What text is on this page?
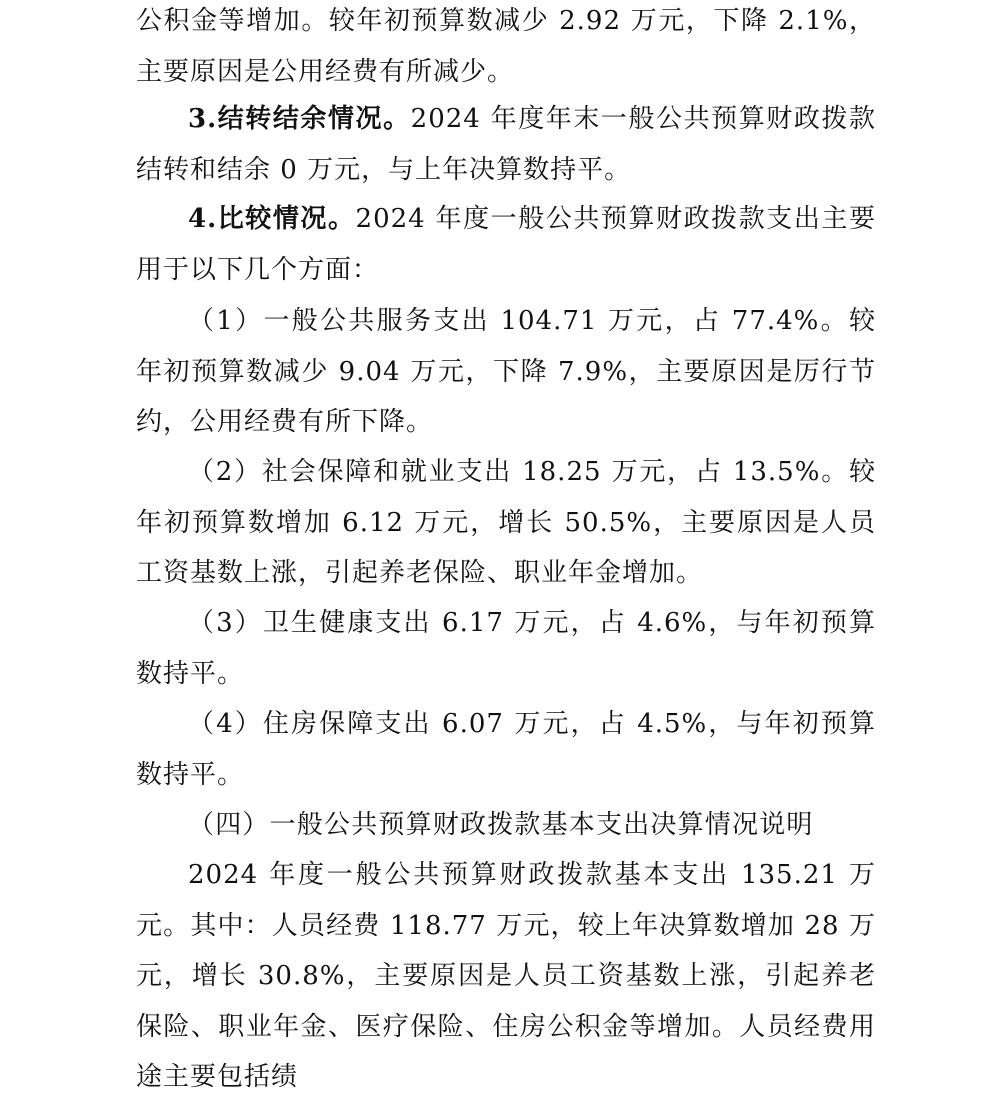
公积金等增加。较年初预算数减少 2.92 万元，下降 2.1%，主要原因是公用经费有所减少。

3.结转结余情况。2024 年度年末一般公共预算财政拨款结转和结余 0 万元，与上年决算数持平。

4.比较情况。2024 年度一般公共预算财政拨款支出主要用于以下几个方面：

（1）一般公共服务支出 104.71 万元，占 77.4%。较年初预算数减少 9.04 万元，下降 7.9%，主要原因是厉行节约，公用经费有所下降。

（2）社会保障和就业支出 18.25 万元，占 13.5%。较年初预算数增加 6.12 万元，增长 50.5%，主要原因是人员工资基数上涨，引起养老保险、职业年金增加。

（3）卫生健康支出 6.17 万元，占 4.6%，与年初预算数持平。

（4）住房保障支出 6.07 万元，占 4.5%，与年初预算数持平。

（四）一般公共预算财政拨款基本支出决算情况说明

2024 年度一般公共预算财政拨款基本支出 135.21 万元。其中：人员经费 118.77 万元，较上年决算数增加 28 万元，增长 30.8%，主要原因是人员工资基数上涨，引起养老保险、职业年金、医疗保险、住房公积金等增加。人员经费用途主要包括绩
